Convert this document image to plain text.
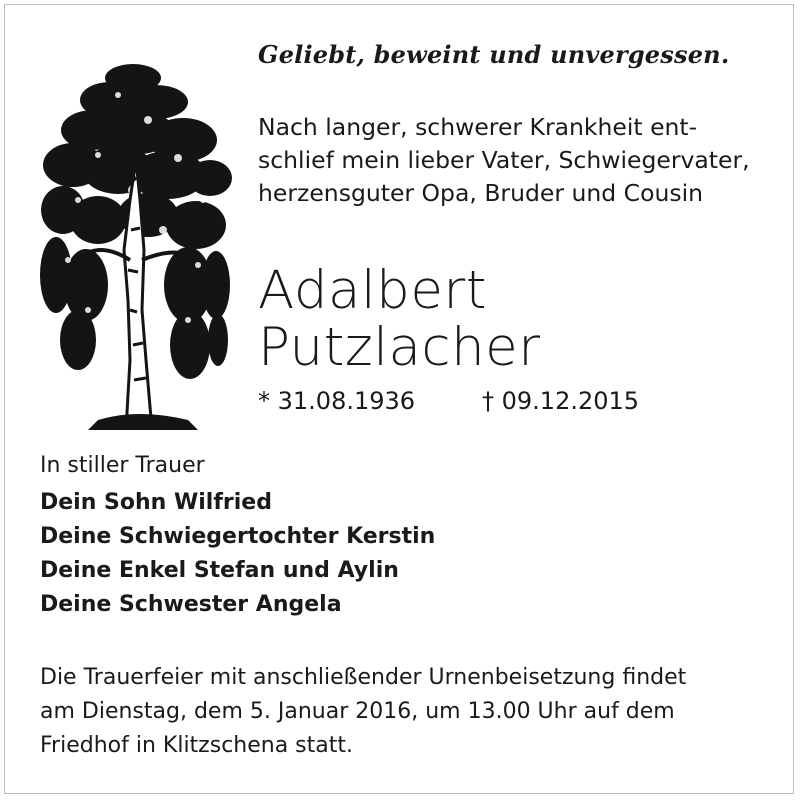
Geliebt, beweint und unvergessen.
Nach langer, schwerer Krankheit ent-
schlief mein lieber Vater, Schwiegervater,
herzensguter Opa, Bruder und Cousin
Adalbert
Putzlacher
* 31.08.1936	† 09.12.2015
In stiller Trauer
Dein Sohn Wilfried
Deine Schwiegertochter Kerstin
Deine Enkel Stefan und Aylin
Deine Schwester Angela
Die Trauerfeier mit anschließender Urnenbeisetzung findet
am Dienstag, dem 5. Januar 2016, um 13.00 Uhr auf dem
Friedhof in Klitzschena statt.
